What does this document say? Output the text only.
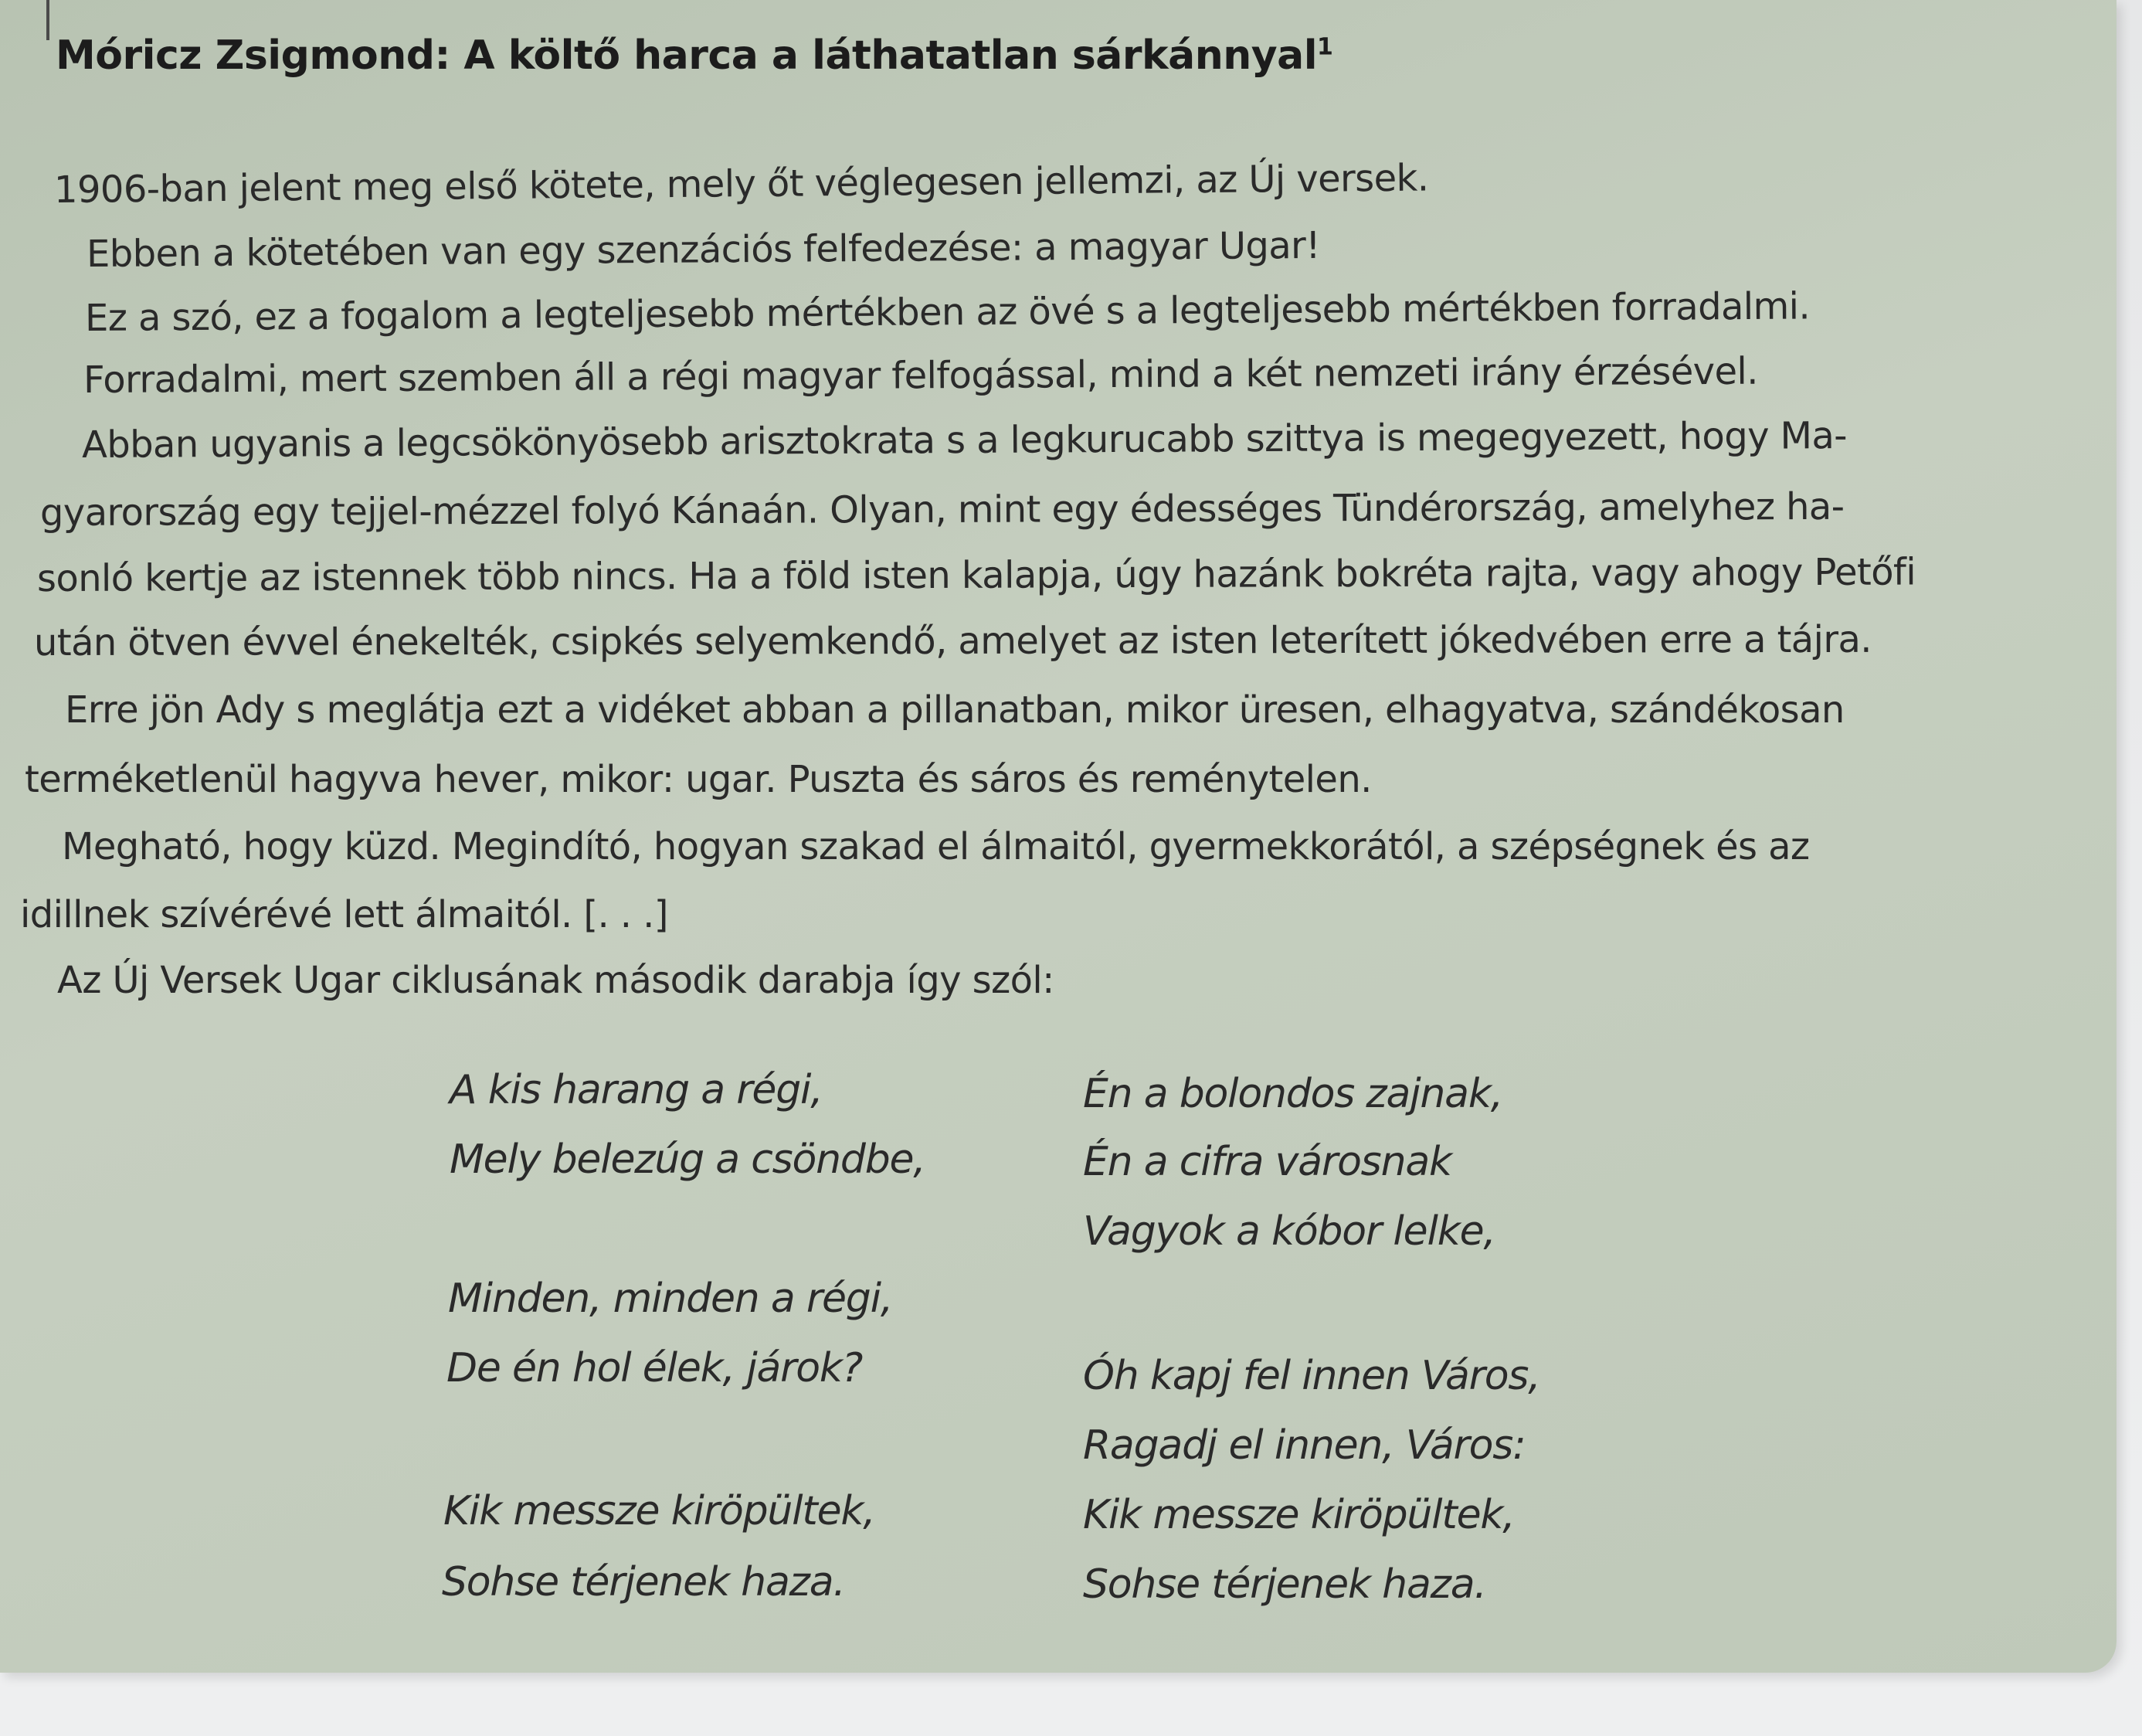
Móricz Zsigmond: A költő harca a láthatatlan sárkánnyal$^1$
1906-ban jelent meg első kötete, mely őt véglegesen jellemzi, az Új versek.
Ebben a kötetében van egy szenzációs felfedezése: a magyar Ugar!
Ez a szó, ez a fogalom a legteljesebb mértékben az övé s a legteljesebb mértékben forradalmi.
Forradalmi, mert szemben áll a régi magyar felfogással, mind a két nemzeti irány érzésével.
Abban ugyanis a legcsökönyösebb arisztokrata s a legkurucabb szittya is megegyezett, hogy Ma-
gyarország egy tejjel-mézzel folyó Kánaán. Olyan, mint egy édességes Tündérország, amelyhez ha-
sonló kertje az istennek több nincs. Ha a föld isten kalapja, úgy hazánk bokréta rajta, vagy ahogy Petőfi
után ötven évvel énekelték, csipkés selyemkendő, amelyet az isten leterített jókedvében erre a tájra.
Erre jön Ady s meglátja ezt a vidéket abban a pillanatban, mikor üresen, elhagyatva, szándékosan
terméketlenül hagyva hever, mikor: ugar. Puszta és sáros és reménytelen.
Megható, hogy küzd. Megindító, hogyan szakad el álmaitól, gyermekkorától, a szépségnek és az
idillnek szívérévé lett álmaitól. [. . .]
Az Új Versek Ugar ciklusának második darabja így szól:
A kis harang a régi,
Mely belezúg a csöndbe,
Minden, minden a régi,
De én hol élek, járok?
Kik messze kiröpültek,
Sohse térjenek haza.
Én a bolondos zajnak,
Én a cifra városnak
Vagyok a kóbor lelke,
Óh kapj fel innen Város,
Ragadj el innen, Város:
Kik messze kiröpültek,
Sohse térjenek haza.
